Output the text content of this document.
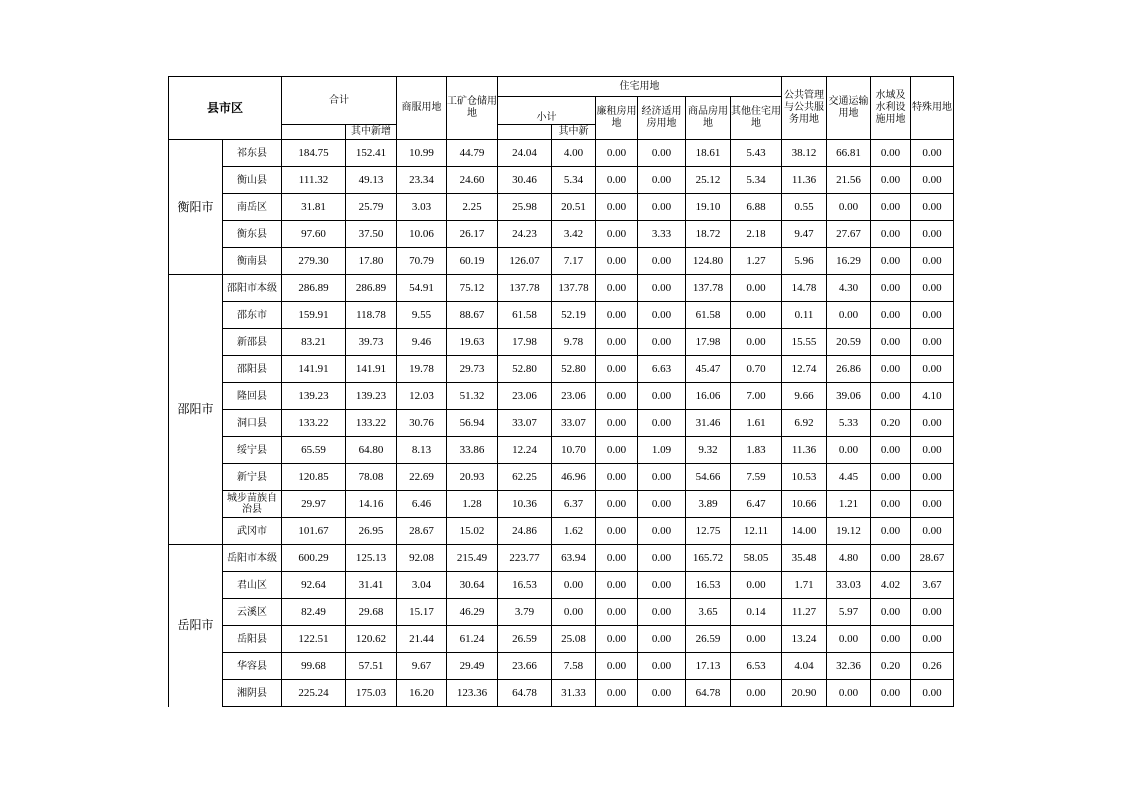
县市区		合计		商服用地	工矿仓储用地	住宅用地						公共管理与公共服务用地	交通运输用地	水域及水利设施用地	特殊用地
						小计		廉租房用地	经济适用房用地	商品房用地	其他住宅用地				
			其中新增				其中新								
衡阳市	祁东县	184.75	152.41	10.99	44.79	24.04	4.00	0.00	0.00	18.61	5.43	38.12	66.81	0.00	0.00
	衡山县	111.32	49.13	23.34	24.60	30.46	5.34	0.00	0.00	25.12	5.34	11.36	21.56	0.00	0.00
	南岳区	31.81	25.79	3.03	2.25	25.98	20.51	0.00	0.00	19.10	6.88	0.55	0.00	0.00	0.00
	衡东县	97.60	37.50	10.06	26.17	24.23	3.42	0.00	3.33	18.72	2.18	9.47	27.67	0.00	0.00
	衡南县	279.30	17.80	70.79	60.19	126.07	7.17	0.00	0.00	124.80	1.27	5.96	16.29	0.00	0.00
邵阳市	邵阳市本级	286.89	286.89	54.91	75.12	137.78	137.78	0.00	0.00	137.78	0.00	14.78	4.30	0.00	0.00
	邵东市	159.91	118.78	9.55	88.67	61.58	52.19	0.00	0.00	61.58	0.00	0.11	0.00	0.00	0.00
	新邵县	83.21	39.73	9.46	19.63	17.98	9.78	0.00	0.00	17.98	0.00	15.55	20.59	0.00	0.00
	邵阳县	141.91	141.91	19.78	29.73	52.80	52.80	0.00	6.63	45.47	0.70	12.74	26.86	0.00	0.00
	隆回县	139.23	139.23	12.03	51.32	23.06	23.06	0.00	0.00	16.06	7.00	9.66	39.06	0.00	4.10
	洞口县	133.22	133.22	30.76	56.94	33.07	33.07	0.00	0.00	31.46	1.61	6.92	5.33	0.20	0.00
	绥宁县	65.59	64.80	8.13	33.86	12.24	10.70	0.00	1.09	9.32	1.83	11.36	0.00	0.00	0.00
	新宁县	120.85	78.08	22.69	20.93	62.25	46.96	0.00	0.00	54.66	7.59	10.53	4.45	0.00	0.00
	城步苗族自治县	29.97	14.16	6.46	1.28	10.36	6.37	0.00	0.00	3.89	6.47	10.66	1.21	0.00	0.00
	武冈市	101.67	26.95	28.67	15.02	24.86	1.62	0.00	0.00	12.75	12.11	14.00	19.12	0.00	0.00
岳阳市	岳阳市本级	600.29	125.13	92.08	215.49	223.77	63.94	0.00	0.00	165.72	58.05	35.48	4.80	0.00	28.67
	君山区	92.64	31.41	3.04	30.64	16.53	0.00	0.00	0.00	16.53	0.00	1.71	33.03	4.02	3.67
	云溪区	82.49	29.68	15.17	46.29	3.79	0.00	0.00	0.00	3.65	0.14	11.27	5.97	0.00	0.00
	岳阳县	122.51	120.62	21.44	61.24	26.59	25.08	0.00	0.00	26.59	0.00	13.24	0.00	0.00	0.00
	华容县	99.68	57.51	9.67	29.49	23.66	7.58	0.00	0.00	17.13	6.53	4.04	32.36	0.20	0.26
	湘阴县	225.24	175.03	16.20	123.36	64.78	31.33	0.00	0.00	64.78	0.00	20.90	0.00	0.00	0.00
